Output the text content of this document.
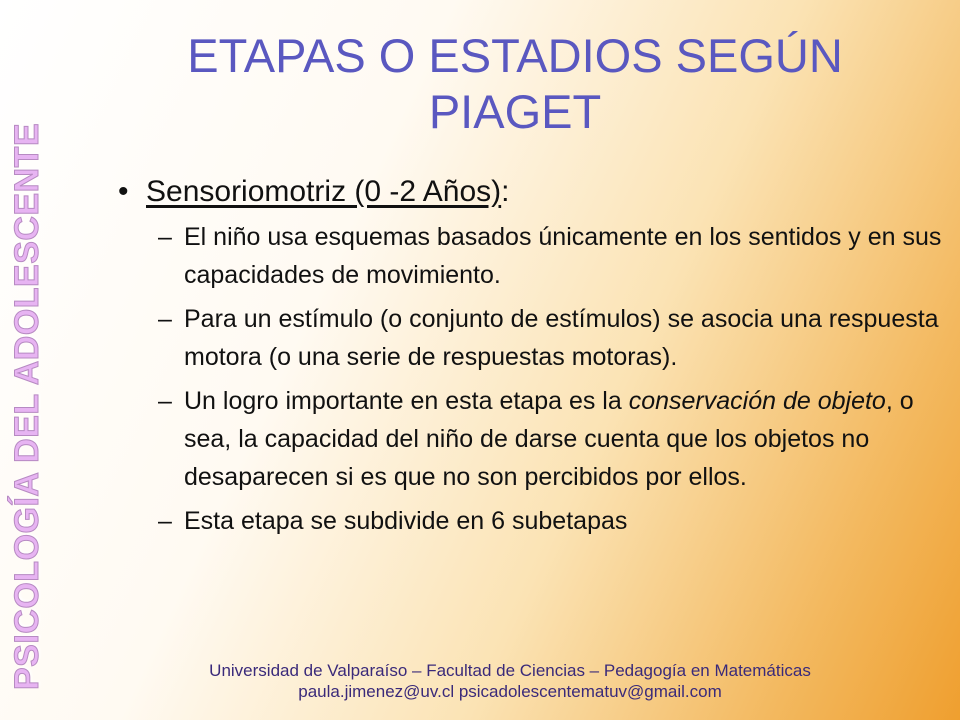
PSICOLOGÍA DEL ADOLESCENTE
ETAPAS O ESTADIOS SEGÚN PIAGET
• Sensoriomotriz (0 -2 Años):
– El niño usa esquemas basados únicamente en los sentidos y en sus capacidades de movimiento.
– Para un estímulo (o conjunto de estímulos) se asocia una respuesta motora (o una serie de respuestas motoras).
– Un logro importante en esta etapa es la conservación de objeto, o sea, la capacidad del niño de darse cuenta que los objetos no desaparecen si es que no son percibidos por ellos.
– Esta etapa se subdivide en 6 subetapas
Universidad de Valparaíso – Facultad de Ciencias – Pedagogía en Matemáticas
paula.jimenez@uv.cl psicadolescentematuv@gmail.com
